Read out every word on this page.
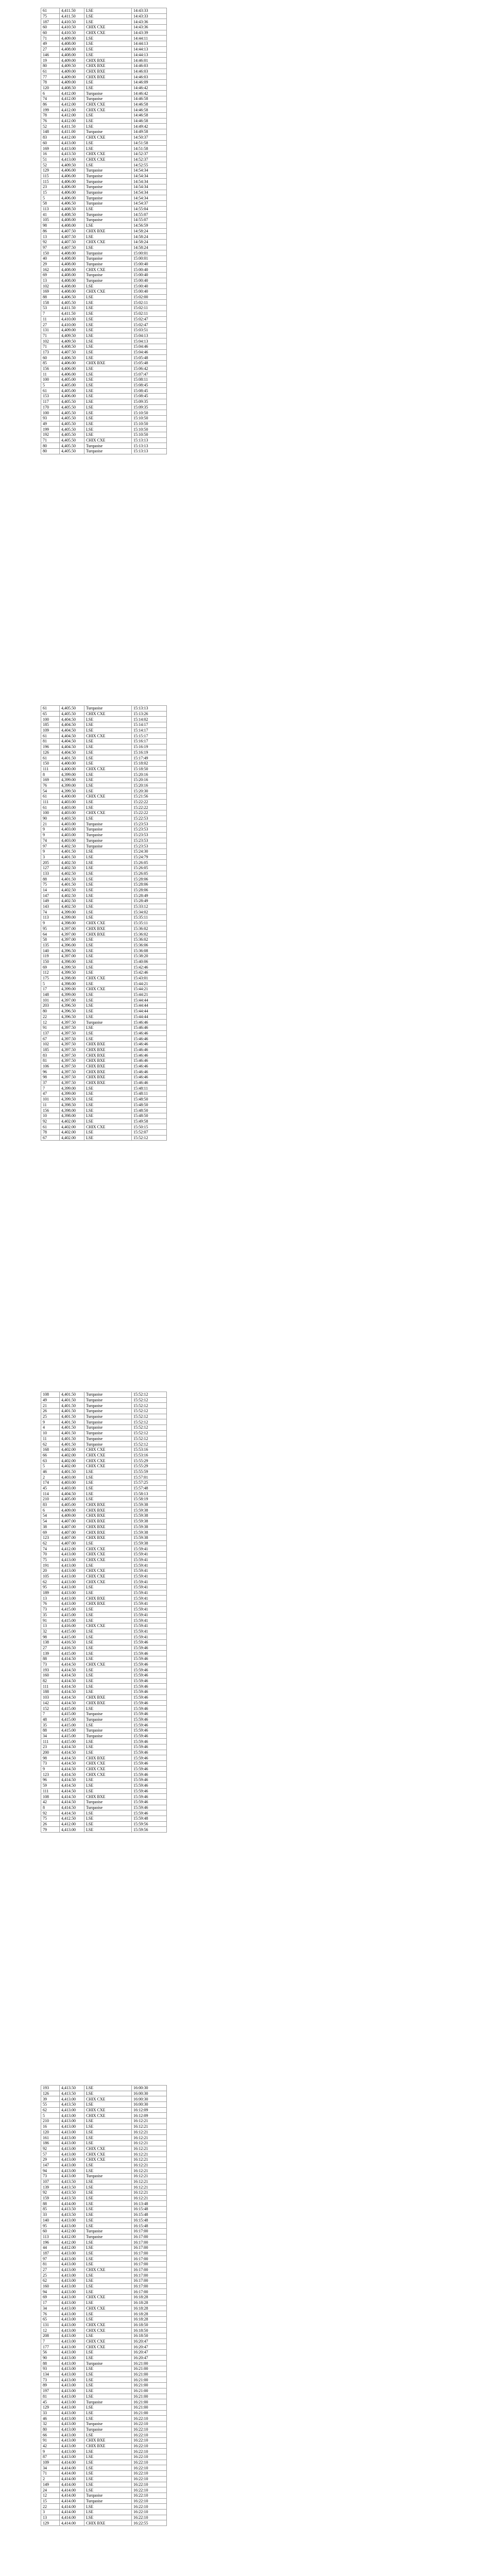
61	4,411.50	LSE	14:43:33
75	4,411.50	LSE	14:43:33
187	4,410.50	LSE	14:43:36
60	4,410.50	CHIX CXE	14:43:36
60	4,410.50	CHIX CXE	14:43:39
71	4,409.00	LSE	14:44:11
49	4,408.00	LSE	14:44:13
27	4,408.00	LSE	14:44:13
146	4,408.00	LSE	14:44:13
19	4,409.00	CHIX BXE	14:46:01
80	4,409.50	CHIX BXE	14:46:03
61	4,409.00	CHIX BXE	14:46:03
77	4,409.00	CHIX BXE	14:46:03
78	4,409.00	LSE	14:46:09
120	4,408.50	LSE	14:46:42
6	4,412.00	Turquoise	14:46:42
74	4,412.00	Turquoise	14:46:58
86	4,412.00	CHIX CXE	14:46:58
199	4,412.00	CHIX CXE	14:46:58
78	4,412.00	LSE	14:46:58
76	4,412.00	LSE	14:46:58
52	4,411.50	LSE	14:49:42
148	4,411.00	Turquoise	14:49:58
83	4,412.00	CHIX CXE	14:50:37
60	4,413.00	LSE	14:51:58
169	4,413.00	LSE	14:51:58
16	4,413.50	CHIX CXE	14:52:37
51	4,413.00	CHIX CXE	14:52:37
52	4,409.50	LSE	14:52:55
129	4,406.00	Turquoise	14:54:34
115	4,406.00	Turquoise	14:54:34
115	4,406.00	Turquoise	14:54:34
23	4,406.00	Turquoise	14:54:34
15	4,406.00	Turquoise	14:54:34
5	4,406.00	Turquoise	14:54:34
58	4,406.50	Turquoise	14:54:37
113	4,408.50	LSE	14:55:04
41	4,408.50	Turquoise	14:55:07
105	4,408.00	Turquoise	14:55:07
98	4,408.00	LSE	14:56:59
86	4,407.50	CHIX BXE	14:58:24
13	4,407.50	LSE	14:58:24
92	4,407.50	CHIX CXE	14:58:24
97	4,407.50	LSE	14:58:24
150	4,408.00	Turquoise	15:00:01
40	4,408.00	Turquoise	15:00:01
29	4,408.00	Turquoise	15:00:40
162	4,408.00	CHIX CXE	15:00:40
69	4,408.00	Turquoise	15:00:40
13	4,408.00	Turquoise	15:00:40
102	4,408.00	LSE	15:00:40
169	4,408.00	CHIX CXE	15:00:40
88	4,406.50	LSE	15:02:00
158	4,405.50	LSE	15:02:11
53	4,411.50	LSE	15:02:11
7	4,411.50	LSE	15:02:11
11	4,410.00	LSE	15:02:47
27	4,410.00	LSE	15:02:47
131	4,409.00	LSE	15:03:51
71	4,409.50	LSE	15:04:13
102	4,409.50	LSE	15:04:13
71	4,408.50	LSE	15:04:46
173	4,407.50	LSE	15:04:46
60	4,406.50	LSE	15:05:48
85	4,406.00	CHIX BXE	15:05:48
156	4,406.00	LSE	15:06:42
11	4,406.00	LSE	15:07:47
100	4,405.00	LSE	15:08:11
5	4,405.00	LSE	15:08:45
61	4,405.00	LSE	15:08:45
153	4,406.00	LSE	15:08:45
117	4,405.50	LSE	15:09:35
170	4,405.50	LSE	15:09:35
100	4,405.50	LSE	15:10:50
93	4,405.50	LSE	15:10:50
49	4,405.50	LSE	15:10:50
199	4,405.50	LSE	15:10:50
192	4,405.50	LSE	15:10:50
71	4,405.50	CHIX CXE	15:13:13
80	4,405.50	Turquoise	15:13:13
80	4,405.50	Turquoise	15:13:13
61	4,405.50	Turquoise	15:13:13
65	4,405.50	CHIX CXE	15:13:26
100	4,404.50	LSE	15:14:02
185	4,404.50	LSE	15:14:17
109	4,404.50	LSE	15:14:17
61	4,404.50	CHIX CXE	15:15:17
81	4,404.50	LSE	15:16:17
196	4,404.50	LSE	15:16:19
126	4,404.50	LSE	15:16:19
61	4,401.50	LSE	15:17:49
150	4,400.00	LSE	15:18:02
111	4,400.00	CHIX CXE	15:18:50
8	4,399.00	LSE	15:20:16
169	4,399.00	LSE	15:20:16
76	4,399.00	LSE	15:20:16
54	4,399.50	LSE	15:20:30
61	4,400.00	CHIX CXE	15:21:56
111	4,403.00	LSE	15:22:22
61	4,403.00	LSE	15:22:22
100	4,403.00	CHIX CXE	15:22:22
90	4,403.50	LSE	15:22:53
21	4,403.00	Turquoise	15:23:53
9	4,403.00	Turquoise	15:23:53
9	4,403.00	Turquoise	15:23:53
74	4,403.00	Turquoise	15:23:53
97	4,402.50	Turquoise	15:23:53
9	4,401.50	LSE	15:24:30
3	4,401.50	LSE	15:24:79
205	4,402.50	LSE	15:26:05
127	4,402.50	LSE	15:26:05
133	4,402.50	LSE	15:26:05
88	4,401.50	LSE	15:28:06
75	4,401.50	LSE	15:28:06
14	4,402.50	LSE	15:28:06
147	4,402.50	LSE	15:28:49
149	4,402.50	LSE	15:28:49
143	4,402.50	LSE	15:33:12
74	4,399.00	LSE	15:34:02
113	4,399.00	LSE	15:35:11
9	4,398.00	CHIX CXE	15:35:11
95	4,397.00	CHIX BXE	15:36:02
64	4,397.00	CHIX BXE	15:36:02
58	4,397.00	LSE	15:36:02
135	4,396.00	LSE	15:36:06
140	4,396.50	LSE	15:36:08
119	4,397.00	LSE	15:38:20
150	4,398.00	LSE	15:40:06
69	4,399.50	LSE	15:42:46
112	4,399.50	LSE	15:42:46
175	4,398.00	CHIX CXE	15:43:01
5	4,398.00	LSE	15:44:21
17	4,399.00	CHIX CXE	15:44:21
148	4,399.00	LSE	15:44:21
101	4,397.00	LSE	15:44:44
203	4,396.50	LSE	15:44:44
80	4,396.50	LSE	15:44:44
22	4,396.50	LSE	15:44:44
12	4,397.50	Turquoise	15:46:46
91	4,397.50	LSE	15:46:46
137	4,397.50	LSE	15:46:46
67	4,397.50	LSE	15:46:46
102	4,397.50	CHIX BXE	15:46:46
185	4,397.50	CHIX BXE	15:46:46
83	4,397.50	CHIX BXE	15:46:46
81	4,397.50	CHIX BXE	15:46:46
106	4,397.50	CHIX BXE	15:46:46
96	4,397.50	CHIX BXE	15:46:46
98	4,397.50	CHIX BXE	15:46:46
37	4,397.50	CHIX BXE	15:46:46
7	4,399.00	LSE	15:48:11
47	4,399.00	LSE	15:48:11
101	4,399.50	LSE	15:48:50
11	4,398.50	LSE	15:48:50
156	4,398.00	LSE	15:48:50
10	4,398.00	LSE	15:48:50
92	4,402.00	LSE	15:49:58
61	4,402.00	CHIX CXE	15:50:15
78	4,402.00	LSE	15:52:07
67	4,402.00	LSE	15:52:12
108	4,401.50	Turquoise	15:52:12
49	4,401.50	Turquoise	15:52:12
21	4,401.50	Turquoise	15:52:12
26	4,401.50	Turquoise	15:52:12
25	4,401.50	Turquoise	15:52:12
9	4,401.50	Turquoise	15:52:12
4	4,401.50	Turquoise	15:52:12
10	4,401.50	Turquoise	15:52:12
11	4,401.50	Turquoise	15:52:12
62	4,401.50	Turquoise	15:52:12
168	4,402.00	CHIX CXE	15:53:16
66	4,402.00	CHIX CXE	15:53:16
63	4,402.00	CHIX CXE	15:55:29
5	4,402.00	CHIX CXE	15:55:29
46	4,401.50	LSE	15:55:59
2	4,403.00	LSE	15:57:01
174	4,403.00	LSE	15:57:25
45	4,403.00	LSE	15:57:48
114	4,404.50	LSE	15:58:13
210	4,405.00	LSE	15:58:19
83	4,405.00	CHIX BXE	15:59:38
6	4,409.00	CHIX BXE	15:59:38
54	4,409.00	CHIX BXE	15:59:38
54	4,407.00	CHIX BXE	15:59:38
38	4,407.00	CHIX BXE	15:59:38
69	4,407.00	CHIX BXE	15:59:38
123	4,407.00	CHIX BXE	15:59:38
62	4,407.00	LSE	15:59:38
74	4,412.00	CHIX CXE	15:59:41
70	4,413.00	CHIX CXE	15:59:41
75	4,413.00	CHIX CXE	15:59:41
191	4,413.00	LSE	15:59:41
20	4,413.00	CHIX CXE	15:59:41
105	4,413.00	CHIX CXE	15:59:41
62	4,413.00	CHIX CXE	15:59:41
95	4,413.00	LSE	15:59:41
189	4,413.00	LSE	15:59:41
13	4,413.00	CHIX BXE	15:59:41
76	4,413.00	CHIX BXE	15:59:41
73	4,415.00	LSE	15:59:41
35	4,415.00	LSE	15:59:41
91	4,415.00	LSE	15:59:41
13	4,416.00	CHIX CXE	15:59:41
32	4,415.00	LSE	15:59:41
98	4,415.00	LSE	15:59:41
138	4,416.50	LSE	15:59:46
27	4,416.50	LSE	15:59:46
139	4,415.00	LSE	15:59:46
88	4,414.50	LSE	15:59:46
73	4,414.50	CHIX CXE	15:59:46
193	4,414.50	LSE	15:59:46
160	4,414.50	LSE	15:59:46
82	4,414.50	LSE	15:59:46
111	4,414.50	LSE	15:59:46
188	4,414.50	LSE	15:59:46
103	4,414.50	CHIX BXE	15:59:46
142	4,414.50	CHIX BXE	15:59:46
152	4,415.00	LSE	15:59:46
7	4,415.00	Turquoise	15:59:46
48	4,415.00	Turquoise	15:59:46
35	4,415.00	LSE	15:59:46
88	4,415.00	Turquoise	15:59:46
34	4,415.00	Turquoise	15:59:46
111	4,415.00	LSE	15:59:46
23	4,414.50	LSE	15:59:46
200	4,414.50	LSE	15:59:46
98	4,414.50	CHIX BXE	15:59:46
73	4,414.50	CHIX CXE	15:59:46
9	4,414.50	CHIX CXE	15:59:46
123	4,414.50	CHIX CXE	15:59:46
96	4,414.50	LSE	15:59:46
59	4,414.50	LSE	15:59:46
111	4,414.50	LSE	15:59:46
108	4,414.50	CHIX BXE	15:59:46
42	4,414.50	Turquoise	15:59:46
8	4,414.50	Turquoise	15:59:46
92	4,414.50	LSE	15:59:46
75	4,412.50	LSE	15:59:48
26	4,412.00	LSE	15:59:56
79	4,413.00	LSE	15:59:56
193	4,413.50	LSE	16:00:30
126	4,413.50	LSE	16:00:30
39	4,413.00	CHIX CXE	16:00:30
55	4,413.50	LSE	16:00:30
62	4,413.00	CHIX CXE	16:12:09
5	4,413.00	CHIX CXE	16:12:09
210	4,413.00	LSE	16:12:21
16	4,413.00	LSE	16:12:21
120	4,413.00	LSE	16:12:21
161	4,413.00	LSE	16:12:21
186	4,413.00	LSE	16:12:21
92	4,413.00	CHIX CXE	16:12:21
57	4,413.00	CHIX CXE	16:12:21
29	4,413.00	CHIX CXE	16:12:21
147	4,413.00	LSE	16:12:21
94	4,413.00	LSE	16:12:21
73	4,413.00	Turquoise	16:12:21
107	4,413.50	LSE	16:12:21
139	4,413.50	LSE	16:12:21
92	4,413.50	LSE	16:12:21
159	4,413.50	LSE	16:12:21
88	4,414.00	LSE	16:13:48
85	4,413.50	LSE	16:15:48
33	4,413.50	LSE	16:15:48
140	4,413.00	LSE	16:15:48
95	4,413.00	LSE	16:15:48
60	4,412.00	Turquoise	16:17:00
113	4,412.00	Turquoise	16:17:00
196	4,412.00	LSE	16:17:00
44	4,412.00	LSE	16:17:00
187	4,413.00	LSE	16:17:00
97	4,413.00	LSE	16:17:00
81	4,413.00	LSE	16:17:00
27	4,413.00	CHIX CXE	16:17:00
25	4,413.00	LSE	16:17:00
62	4,413.00	LSE	16:17:00
160	4,413.00	LSE	16:17:00
94	4,413.00	LSE	16:17:00
69	4,413.00	CHIX CXE	16:18:28
17	4,413.00	LSE	16:18:28
34	4,413.00	CHIX CXE	16:18:28
76	4,413.00	LSE	16:18:28
65	4,413.00	LSE	16:18:28
131	4,413.00	CHIX CXE	16:18:50
12	4,413.00	CHIX CXE	16:18:50
208	4,413.00	LSE	16:18:50
7	4,413.00	CHIX CXE	16:20:47
177	4,413.00	CHIX CXE	16:20:47
56	4,413.00	LSE	16:20:47
90	4,413.00	LSE	16:20:47
88	4,413.00	Turquoise	16:21:00
93	4,413.00	LSE	16:21:00
134	4,413.00	LSE	16:21:00
73	4,413.00	LSE	16:21:00
89	4,413.00	LSE	16:21:00
197	4,413.00	LSE	16:21:00
81	4,413.00	LSE	16:21:00
45	4,413.00	Turquoise	16:21:00
129	4,413.00	LSE	16:21:00
33	4,413.00	LSE	16:21:00
46	4,413.00	LSE	16:22:10
32	4,413.00	Turquoise	16:22:10
80	4,413.00	Turquoise	16:22:10
66	4,413.00	LSE	16:22:10
91	4,413.00	CHIX BXE	16:22:10
42	4,413.00	CHIX BXE	16:22:10
9	4,413.00	LSE	16:22:10
87	4,413.00	LSE	16:22:10
109	4,414.00	LSE	16:22:10
34	4,414.00	LSE	16:22:10
71	4,414.00	LSE	16:22:10
2	4,414.00	LSE	16:22:10
149	4,414.00	LSE	16:22:10
24	4,414.00	LSE	16:22:10
12	4,414.00	Turquoise	16:22:10
15	4,414.00	Turquoise	16:22:10
22	4,414.00	LSE	16:22:10
3	4,414.00	LSE	16:22:10
13	4,414.00	LSE	16:22:10
129	4,414.00	CHIX BXE	16:22:55
